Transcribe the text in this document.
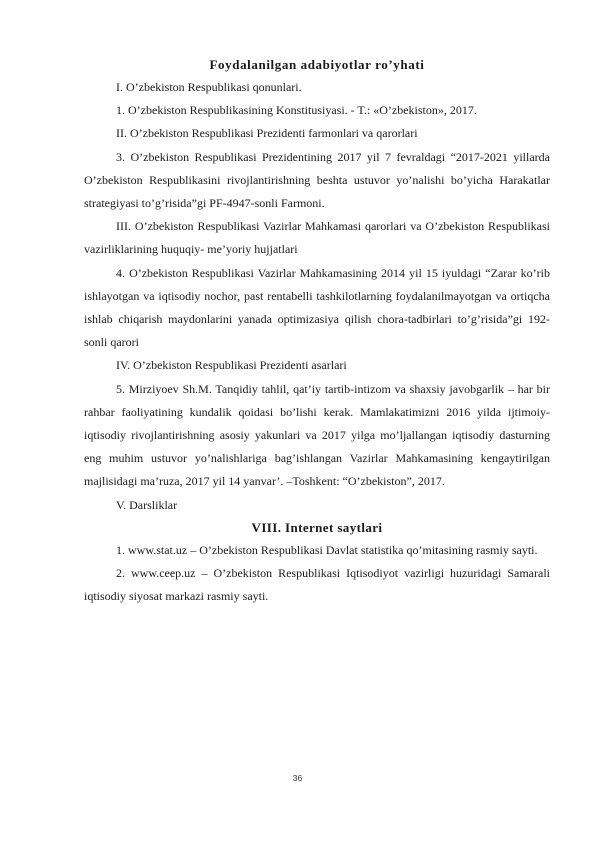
Foydalanilgan adabiyotlar ro’yhati

I. O’zbekiston Respublikasi qonunlari.

1. O’zbekiston Respublikasining Konstitusiyasi. - T.: «O’zbekiston», 2017.

II. O’zbekiston Respublikasi Prezidenti farmonlari va qarorlari

3. O’zbekiston Respublikasi Prezidentining 2017 yil 7 fevraldagi “2017-2021 yillarda O’zbekiston Respublikasini rivojlantirishning beshta ustuvor yo’nalishi bo’yicha Harakatlar strategiyasi to’g’risida”gi PF-4947-sonli Farmoni.

III. O’zbekiston Respublikasi Vazirlar Mahkamasi qarorlari va O’zbekiston Respublikasi vazirliklarining huquqiy- me’yoriy hujjatlari

4. O’zbekiston Respublikasi Vazirlar Mahkamasining 2014 yil 15 iyuldagi “Zarar ko’rib ishlayotgan va iqtisodiy nochor, past rentabelli tashkilotlarning foydalanilmayotgan va ortiqcha ishlab chiqarish maydonlarini yanada optimizasiya qilish chora-tadbirlari to’g’risida”gi 192-sonli qarori

IV. O’zbekiston Respublikasi Prezidenti asarlari

5. Mirziyoev Sh.M. Tanqidiy tahlil, qat’iy tartib-intizom va shaxsiy javobgarlik – har bir rahbar faoliyatining kundalik qoidasi bo’lishi kerak. Mamlakatimizni 2016 yilda ijtimoiy-iqtisodiy rivojlantirishning asosiy yakunlari va 2017 yilga mo’ljallangan iqtisodiy dasturning eng muhim ustuvor yo’nalishlariga bag’ishlangan Vazirlar Mahkamasining kengaytirilgan majlisidagi ma’ruza, 2017 yil 14 yanvar’. –Toshkent: “O’zbekiston”, 2017.

V. Darsliklar

VIII. Internet saytlari

1. www.stat.uz – O’zbekiston Respublikasi Davlat statistika qo’mitasining rasmiy sayti.

2. www.ceep.uz – O’zbekiston Respublikasi Iqtisodiyot vazirligi huzuridagi Samarali iqtisodiy siyosat markazi rasmiy sayti.

36
